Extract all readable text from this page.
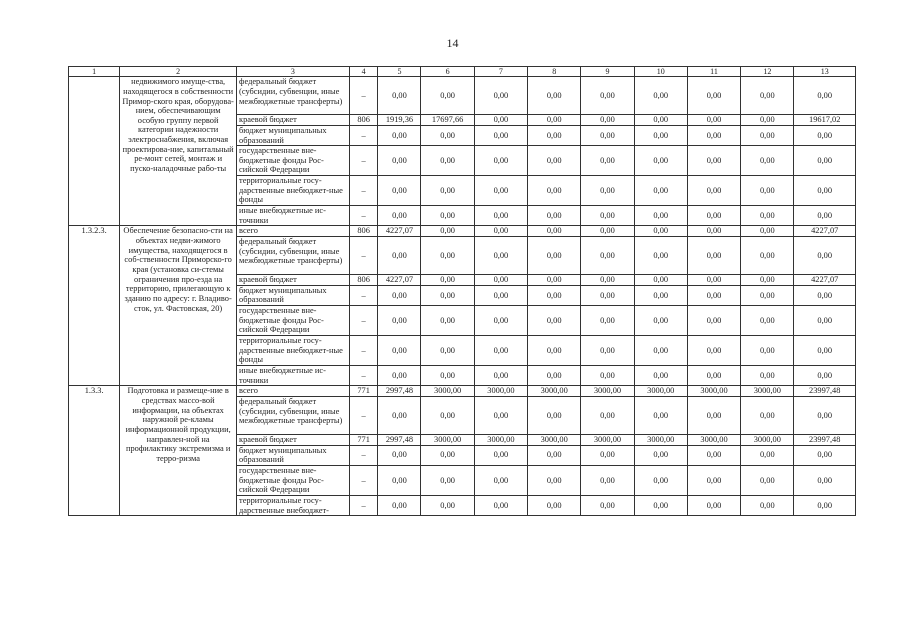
14
1	2	3	4	5	6	7	8	9	10	11	12	13
	недвижимого имуще-ства, находящегося в собственности Примор-ского края, оборудова-нием, обеспечивающим особую группу первой категории надежности электроснабжения, включая проектирова-ние, капитальный ре-монт сетей, монтаж и пуско-наладочные рабо-ты	федеральный бюджет (субсидии, субвенции, иные межбюджетные трансферты)	–	0,00	0,00	0,00	0,00	0,00	0,00	0,00	0,00	0,00
		краевой бюджет	806	1919,36	17697,66	0,00	0,00	0,00	0,00	0,00	0,00	19617,02
		бюджет муниципальных образований	–	0,00	0,00	0,00	0,00	0,00	0,00	0,00	0,00	0,00
		государственные вне-бюджетные фонды Рос-сийской Федерации	–	0,00	0,00	0,00	0,00	0,00	0,00	0,00	0,00	0,00
		территориальные госу-дарственные внебюджет-ные фонды	–	0,00	0,00	0,00	0,00	0,00	0,00	0,00	0,00	0,00
		иные внебюджетные ис-точники	–	0,00	0,00	0,00	0,00	0,00	0,00	0,00	0,00	0,00
1.3.2.3.	Обеспечение безопасно-сти на объектах недви-жимого имущества, находящегося в соб-ственности Приморско-го края (установка си-стемы ограничения про-езда на территорию, прилегающую к зданию по адресу: г. Владиво-сток, ул. Фастовская, 20)	всего	806	4227,07	0,00	0,00	0,00	0,00	0,00	0,00	0,00	4227,07
		федеральный бюджет (субсидии, субвенции, иные межбюджетные трансферты)	–	0,00	0,00	0,00	0,00	0,00	0,00	0,00	0,00	0,00
		краевой бюджет	806	4227,07	0,00	0,00	0,00	0,00	0,00	0,00	0,00	4227,07
		бюджет муниципальных образований	–	0,00	0,00	0,00	0,00	0,00	0,00	0,00	0,00	0,00
		государственные вне-бюджетные фонды Рос-сийской Федерации	–	0,00	0,00	0,00	0,00	0,00	0,00	0,00	0,00	0,00
		территориальные госу-дарственные внебюджет-ные фонды	–	0,00	0,00	0,00	0,00	0,00	0,00	0,00	0,00	0,00
		иные внебюджетные ис-точники	–	0,00	0,00	0,00	0,00	0,00	0,00	0,00	0,00	0,00
1.3.3.	Подготовка и размеще-ние в средствах массо-вой информации, на объектах наружной ре-кламы информационной продукции, направлен-ной на профилактику экстремизма и терро-ризма	всего	771	2997,48	3000,00	3000,00	3000,00	3000,00	3000,00	3000,00	3000,00	23997,48
		федеральный бюджет (субсидии, субвенции, иные межбюджетные трансферты)	–	0,00	0,00	0,00	0,00	0,00	0,00	0,00	0,00	0,00
		краевой бюджет	771	2997,48	3000,00	3000,00	3000,00	3000,00	3000,00	3000,00	3000,00	23997,48
		бюджет муниципальных образований	–	0,00	0,00	0,00	0,00	0,00	0,00	0,00	0,00	0,00
		государственные вне-бюджетные фонды Рос-сийской Федерации	–	0,00	0,00	0,00	0,00	0,00	0,00	0,00	0,00	0,00
		территориальные госу-дарственные внебюджет-	–	0,00	0,00	0,00	0,00	0,00	0,00	0,00	0,00	0,00
